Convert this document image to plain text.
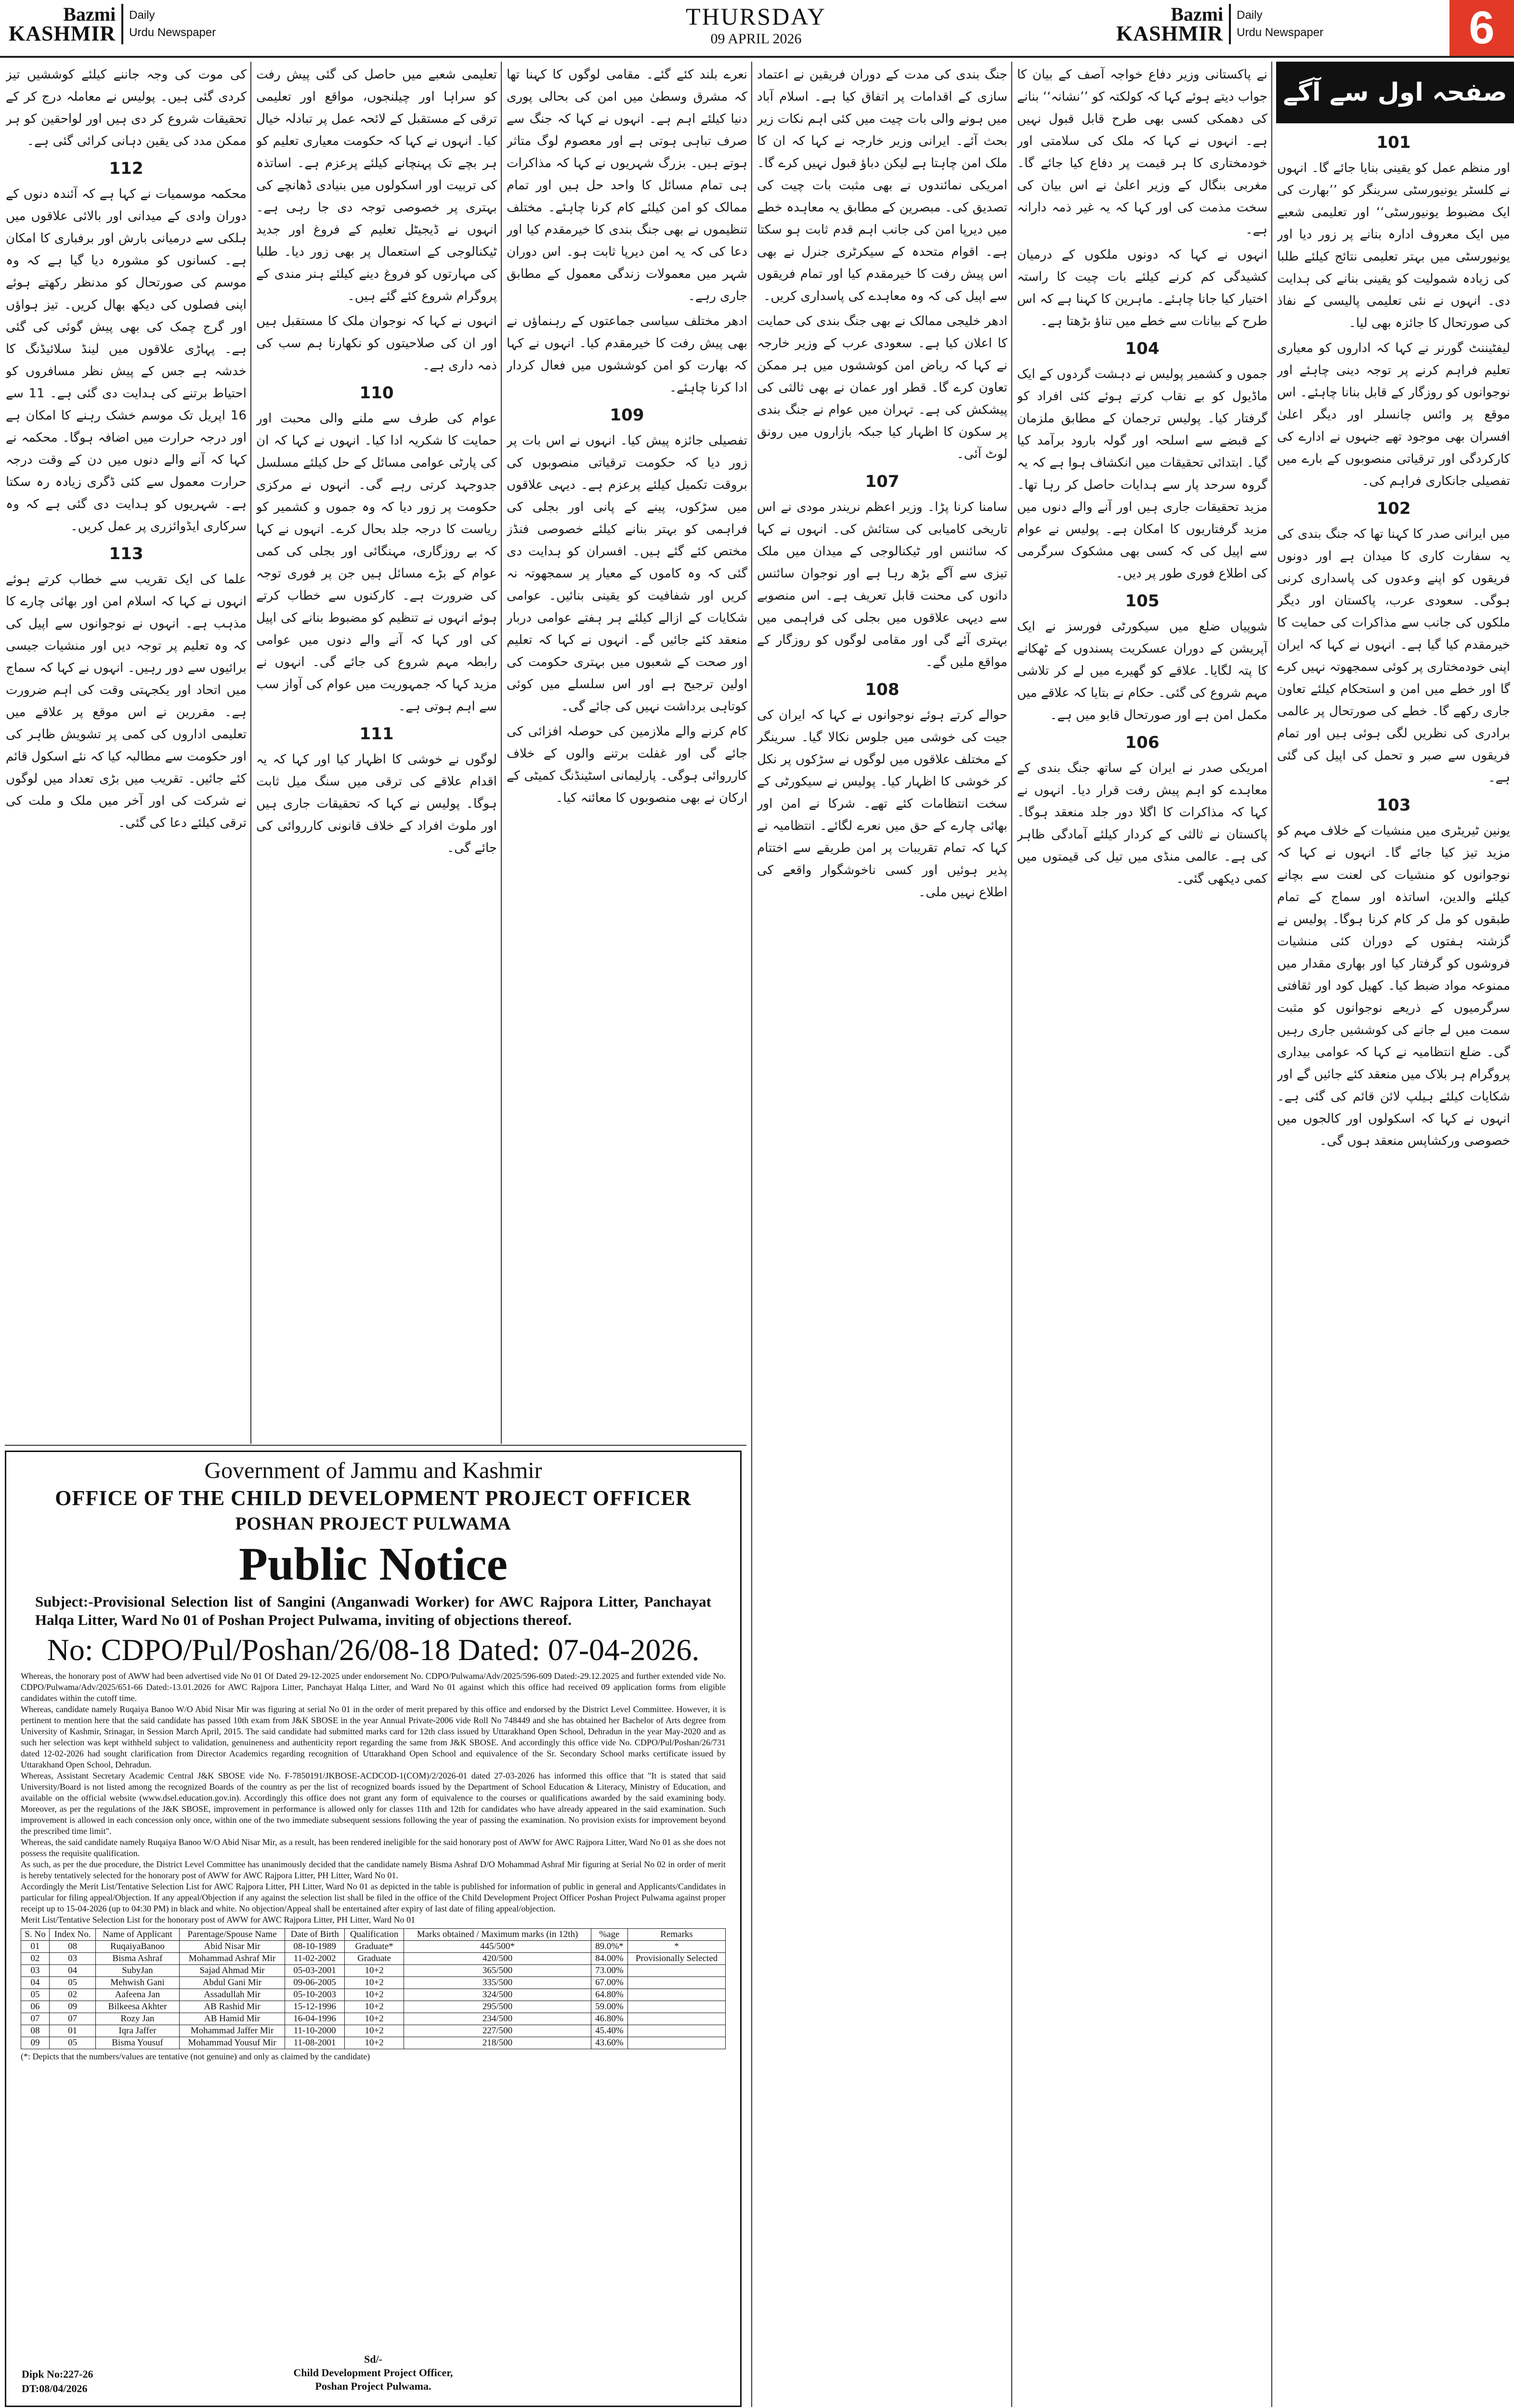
Bazmi
KASHMIR
Daily
Urdu Newspaper
THURSDAY
09 APRIL 2026
Bazmi
KASHMIR
Daily
Urdu Newspaper	6
صفحہ اول سے آگے

101

اور منظم عمل کو یقینی بنایا جائے گا۔ انہوں نے کلسٹر یونیورسٹی سرینگر کو ’’بھارت کی ایک مضبوط یونیورسٹی‘‘ اور تعلیمی شعبے میں ایک معروف ادارہ بنانے پر زور دیا اور یونیورسٹی میں بہتر تعلیمی نتائج کیلئے طلبا کی زیادہ شمولیت کو یقینی بنانے کی ہدایت دی۔ انہوں نے نئی تعلیمی پالیسی کے نفاذ کی صورتحال کا جائزہ بھی لیا۔

لیفٹیننٹ گورنر نے کہا کہ اداروں کو معیاری تعلیم فراہم کرنے پر توجہ دینی چاہئے اور نوجوانوں کو روزگار کے قابل بنانا چاہئے۔ اس موقع پر وائس چانسلر اور دیگر اعلیٰ افسران بھی موجود تھے جنہوں نے ادارے کی کارکردگی اور ترقیاتی منصوبوں کے بارے میں تفصیلی جانکاری فراہم کی۔

102

میں ایرانی صدر کا کہنا تھا کہ جنگ بندی کی یہ سفارت کاری کا میدان ہے اور دونوں فریقوں کو اپنے وعدوں کی پاسداری کرنی ہوگی۔ سعودی عرب، پاکستان اور دیگر ملکوں کی جانب سے مذاکرات کی حمایت کا خیرمقدم کیا گیا ہے۔ انہوں نے کہا کہ ایران اپنی خودمختاری پر کوئی سمجھوتہ نہیں کرے گا اور خطے میں امن و استحکام کیلئے تعاون جاری رکھے گا۔ خطے کی صورتحال پر عالمی برادری کی نظریں لگی ہوئی ہیں اور تمام فریقوں سے صبر و تحمل کی اپیل کی گئی ہے۔

103

یونین ٹیریٹری میں منشیات کے خلاف مہم کو مزید تیز کیا جائے گا۔ انہوں نے کہا کہ نوجوانوں کو منشیات کی لعنت سے بچانے کیلئے والدین، اساتذہ اور سماج کے تمام طبقوں کو مل کر کام کرنا ہوگا۔ پولیس نے گزشتہ ہفتوں کے دوران کئی منشیات فروشوں کو گرفتار کیا اور بھاری مقدار میں ممنوعہ مواد ضبط کیا۔ کھیل کود اور ثقافتی سرگرمیوں کے ذریعے نوجوانوں کو مثبت سمت میں لے جانے کی کوششیں جاری رہیں گی۔ ضلع انتظامیہ نے کہا کہ عوامی بیداری پروگرام ہر بلاک میں منعقد کئے جائیں گے اور شکایات کیلئے ہیلپ لائن قائم کی گئی ہے۔ انہوں نے کہا کہ اسکولوں اور کالجوں میں خصوصی ورکشاپس منعقد ہوں گی۔

نے پاکستانی وزیر دفاع خواجہ آصف کے بیان کا جواب دیتے ہوئے کہا کہ کولکتہ کو ’’نشانہ‘‘ بنانے کی دھمکی کسی بھی طرح قابل قبول نہیں ہے۔ انہوں نے کہا کہ ملک کی سلامتی اور خودمختاری کا ہر قیمت پر دفاع کیا جائے گا۔ مغربی بنگال کے وزیر اعلیٰ نے اس بیان کی سخت مذمت کی اور کہا کہ یہ غیر ذمہ دارانہ ہے۔

انہوں نے کہا کہ دونوں ملکوں کے درمیان کشیدگی کم کرنے کیلئے بات چیت کا راستہ اختیار کیا جانا چاہئے۔ ماہرین کا کہنا ہے کہ اس طرح کے بیانات سے خطے میں تناؤ بڑھتا ہے۔

104

جموں و کشمیر پولیس نے دہشت گردوں کے ایک ماڈیول کو بے نقاب کرتے ہوئے کئی افراد کو گرفتار کیا۔ پولیس ترجمان کے مطابق ملزمان کے قبضے سے اسلحہ اور گولہ بارود برآمد کیا گیا۔ ابتدائی تحقیقات میں انکشاف ہوا ہے کہ یہ گروہ سرحد پار سے ہدایات حاصل کر رہا تھا۔ مزید تحقیقات جاری ہیں اور آنے والے دنوں میں مزید گرفتاریوں کا امکان ہے۔ پولیس نے عوام سے اپیل کی کہ کسی بھی مشکوک سرگرمی کی اطلاع فوری طور پر دیں۔

105

شوپیاں ضلع میں سیکورٹی فورسز نے ایک آپریشن کے دوران عسکریت پسندوں کے ٹھکانے کا پتہ لگایا۔ علاقے کو گھیرے میں لے کر تلاشی مہم شروع کی گئی۔ حکام نے بتایا کہ علاقے میں مکمل امن ہے اور صورتحال قابو میں ہے۔

106

امریکی صدر نے ایران کے ساتھ جنگ بندی کے معاہدے کو اہم پیش رفت قرار دیا۔ انہوں نے کہا کہ مذاکرات کا اگلا دور جلد منعقد ہوگا۔ پاکستان نے ثالثی کے کردار کیلئے آمادگی ظاہر کی ہے۔ عالمی منڈی میں تیل کی قیمتوں میں کمی دیکھی گئی۔

جنگ بندی کی مدت کے دوران فریقین نے اعتماد سازی کے اقدامات پر اتفاق کیا ہے۔ اسلام آباد میں ہونے والی بات چیت میں کئی اہم نکات زیر بحث آئے۔ ایرانی وزیر خارجہ نے کہا کہ ان کا ملک امن چاہتا ہے لیکن دباؤ قبول نہیں کرے گا۔ امریکی نمائندوں نے بھی مثبت بات چیت کی تصدیق کی۔ مبصرین کے مطابق یہ معاہدہ خطے میں دیرپا امن کی جانب اہم قدم ثابت ہو سکتا ہے۔ اقوام متحدہ کے سیکرٹری جنرل نے بھی اس پیش رفت کا خیرمقدم کیا اور تمام فریقوں سے اپیل کی کہ وہ معاہدے کی پاسداری کریں۔

ادھر خلیجی ممالک نے بھی جنگ بندی کی حمایت کا اعلان کیا ہے۔ سعودی عرب کے وزیر خارجہ نے کہا کہ ریاض امن کوششوں میں ہر ممکن تعاون کرے گا۔ قطر اور عمان نے بھی ثالثی کی پیشکش کی ہے۔ تہران میں عوام نے جنگ بندی پر سکون کا اظہار کیا جبکہ بازاروں میں رونق لوٹ آئی۔

107

سامنا کرنا پڑا۔ وزیر اعظم نریندر مودی نے اس تاریخی کامیابی کی ستائش کی۔ انہوں نے کہا کہ سائنس اور ٹیکنالوجی کے میدان میں ملک تیزی سے آگے بڑھ رہا ہے اور نوجوان سائنس دانوں کی محنت قابل تعریف ہے۔ اس منصوبے سے دیہی علاقوں میں بجلی کی فراہمی میں بہتری آئے گی اور مقامی لوگوں کو روزگار کے مواقع ملیں گے۔

108

حوالے کرتے ہوئے نوجوانوں نے کہا کہ ایران کی جیت کی خوشی میں جلوس نکالا گیا۔ سرینگر کے مختلف علاقوں میں لوگوں نے سڑکوں پر نکل کر خوشی کا اظہار کیا۔ پولیس نے سیکورٹی کے سخت انتظامات کئے تھے۔ شرکا نے امن اور بھائی چارے کے حق میں نعرے لگائے۔ انتظامیہ نے کہا کہ تمام تقریبات پر امن طریقے سے اختتام پذیر ہوئیں اور کسی ناخوشگوار واقعے کی اطلاع نہیں ملی۔

نعرے بلند کئے گئے۔ مقامی لوگوں کا کہنا تھا کہ مشرق وسطیٰ میں امن کی بحالی پوری دنیا کیلئے اہم ہے۔ انہوں نے کہا کہ جنگ سے صرف تباہی ہوتی ہے اور معصوم لوگ متاثر ہوتے ہیں۔ بزرگ شہریوں نے کہا کہ مذاکرات ہی تمام مسائل کا واحد حل ہیں اور تمام ممالک کو امن کیلئے کام کرنا چاہئے۔ مختلف تنظیموں نے بھی جنگ بندی کا خیرمقدم کیا اور دعا کی کہ یہ امن دیرپا ثابت ہو۔ اس دوران شہر میں معمولات زندگی معمول کے مطابق جاری رہے۔

ادھر مختلف سیاسی جماعتوں کے رہنماؤں نے بھی پیش رفت کا خیرمقدم کیا۔ انہوں نے کہا کہ بھارت کو امن کوششوں میں فعال کردار ادا کرنا چاہئے۔

109

تفصیلی جائزہ پیش کیا۔ انہوں نے اس بات پر زور دیا کہ حکومت ترقیاتی منصوبوں کی بروقت تکمیل کیلئے پرعزم ہے۔ دیہی علاقوں میں سڑکوں، پینے کے پانی اور بجلی کی فراہمی کو بہتر بنانے کیلئے خصوصی فنڈز مختص کئے گئے ہیں۔ افسران کو ہدایت دی گئی کہ وہ کاموں کے معیار پر سمجھوتہ نہ کریں اور شفافیت کو یقینی بنائیں۔ عوامی شکایات کے ازالے کیلئے ہر ہفتے عوامی دربار منعقد کئے جائیں گے۔ انہوں نے کہا کہ تعلیم اور صحت کے شعبوں میں بہتری حکومت کی اولین ترجیح ہے اور اس سلسلے میں کوئی کوتاہی برداشت نہیں کی جائے گی۔

کام کرنے والے ملازمین کی حوصلہ افزائی کی جائے گی اور غفلت برتنے والوں کے خلاف کارروائی ہوگی۔ پارلیمانی اسٹینڈنگ کمیٹی کے ارکان نے بھی منصوبوں کا معائنہ کیا۔

تعلیمی شعبے میں حاصل کی گئی پیش رفت کو سراہا اور چیلنجوں، مواقع اور تعلیمی ترقی کے مستقبل کے لائحہ عمل پر تبادلہ خیال کیا۔ انہوں نے کہا کہ حکومت معیاری تعلیم کو ہر بچے تک پہنچانے کیلئے پرعزم ہے۔ اساتذہ کی تربیت اور اسکولوں میں بنیادی ڈھانچے کی بہتری پر خصوصی توجہ دی جا رہی ہے۔ انہوں نے ڈیجیٹل تعلیم کے فروغ اور جدید ٹیکنالوجی کے استعمال پر بھی زور دیا۔ طلبا کی مہارتوں کو فروغ دینے کیلئے ہنر مندی کے پروگرام شروع کئے گئے ہیں۔

انہوں نے کہا کہ نوجوان ملک کا مستقبل ہیں اور ان کی صلاحیتوں کو نکھارنا ہم سب کی ذمہ داری ہے۔

110

عوام کی طرف سے ملنے والی محبت اور حمایت کا شکریہ ادا کیا۔ انہوں نے کہا کہ ان کی پارٹی عوامی مسائل کے حل کیلئے مسلسل جدوجہد کرتی رہے گی۔ انہوں نے مرکزی حکومت پر زور دیا کہ وہ جموں و کشمیر کو ریاست کا درجہ جلد بحال کرے۔ انہوں نے کہا کہ بے روزگاری، مہنگائی اور بجلی کی کمی عوام کے بڑے مسائل ہیں جن پر فوری توجہ کی ضرورت ہے۔ کارکنوں سے خطاب کرتے ہوئے انہوں نے تنظیم کو مضبوط بنانے کی اپیل کی اور کہا کہ آنے والے دنوں میں عوامی رابطہ مہم شروع کی جائے گی۔ انہوں نے مزید کہا کہ جمہوریت میں عوام کی آواز سب سے اہم ہوتی ہے۔

111

لوگوں نے خوشی کا اظہار کیا اور کہا کہ یہ اقدام علاقے کی ترقی میں سنگ میل ثابت ہوگا۔ پولیس نے کہا کہ تحقیقات جاری ہیں اور ملوث افراد کے خلاف قانونی کارروائی کی جائے گی۔

کی موت کی وجہ جاننے کیلئے کوششیں تیز کردی گئی ہیں۔ پولیس نے معاملہ درج کر کے تحقیقات شروع کر دی ہیں اور لواحقین کو ہر ممکن مدد کی یقین دہانی کرائی گئی ہے۔

112

محکمہ موسمیات نے کہا ہے کہ آئندہ دنوں کے دوران وادی کے میدانی اور بالائی علاقوں میں ہلکی سے درمیانی بارش اور برفباری کا امکان ہے۔ کسانوں کو مشورہ دیا گیا ہے کہ وہ موسم کی صورتحال کو مدنظر رکھتے ہوئے اپنی فصلوں کی دیکھ بھال کریں۔ تیز ہواؤں اور گرج چمک کی بھی پیش گوئی کی گئی ہے۔ پہاڑی علاقوں میں لینڈ سلائیڈنگ کا خدشہ ہے جس کے پیش نظر مسافروں کو احتیاط برتنے کی ہدایت دی گئی ہے۔ 11 سے 16 اپریل تک موسم خشک رہنے کا امکان ہے اور درجہ حرارت میں اضافہ ہوگا۔ محکمہ نے کہا کہ آنے والے دنوں میں دن کے وقت درجہ حرارت معمول سے کئی ڈگری زیادہ رہ سکتا ہے۔ شہریوں کو ہدایت دی گئی ہے کہ وہ سرکاری ایڈوائزری پر عمل کریں۔

113

علما کی ایک تقریب سے خطاب کرتے ہوئے انہوں نے کہا کہ اسلام امن اور بھائی چارے کا مذہب ہے۔ انہوں نے نوجوانوں سے اپیل کی کہ وہ تعلیم پر توجہ دیں اور منشیات جیسی برائیوں سے دور رہیں۔ انہوں نے کہا کہ سماج میں اتحاد اور یکجہتی وقت کی اہم ضرورت ہے۔ مقررین نے اس موقع پر علاقے میں تعلیمی اداروں کی کمی پر تشویش ظاہر کی اور حکومت سے مطالبہ کیا کہ نئے اسکول قائم کئے جائیں۔ تقریب میں بڑی تعداد میں لوگوں نے شرکت کی اور آخر میں ملک و ملت کی ترقی کیلئے دعا کی گئی۔

Government of Jammu and Kashmir
OFFICE OF THE CHILD DEVELOPMENT PROJECT OFFICER
POSHAN PROJECT PULWAMA
Public Notice
Subject:-Provisional Selection list of Sangini (Anganwadi Worker) for AWC Rajpora Litter, Panchayat Halqa Litter, Ward No 01 of Poshan Project Pulwama, inviting of objections thereof.
No: CDPO/Pul/Poshan/26/08-18 Dated: 07-04-2026.

Whereas, the honorary post of AWW had been advertised vide No 01 Of Dated 29-12-2025 under endorsement No. CDPO/Pulwama/Adv/2025/596-609 Dated:-29.12.2025 and further extended vide No. CDPO/Pulwama/Adv/2025/651-66 Dated:-13.01.2026 for AWC Rajpora Litter, Panchayat Halqa Litter, and Ward No 01 against which this office had received 09 application forms from eligible candidates within the cutoff time.

Whereas, candidate namely Ruqaiya Banoo W/O Abid Nisar Mir was figuring at serial No 01 in the order of merit prepared by this office and endorsed by the District Level Committee. However, it is pertinent to mention here that the said candidate has passed 10th exam from J&K SBOSE in the year Annual Private-2006 vide Roll No 748449 and she has obtained her Bachelor of Arts degree from University of Kashmir, Srinagar, in Session March April, 2015. The said candidate had submitted marks card for 12th class issued by Uttarakhand Open School, Dehradun in the year May-2020 and as such her selection was kept withheld subject to validation, genuineness and authenticity report regarding the same from J&K SBOSE. And accordingly this office vide No. CDPO/Pul/Poshan/26/731 dated 12-02-2026 had sought clarification from Director Academics regarding recognition of Uttarakhand Open School and equivalence of the Sr. Secondary School marks certificate issued by Uttarakhand Open School, Dehradun.

Whereas, Assistant Secretary Academic Central J&K SBOSE vide No. F-7850191/JKBOSE-ACDCOD-1(COM)/2/2026-01 dated 27-03-2026 has informed this office that "It is stated that said University/Board is not listed among the recognized Boards of the country as per the list of recognized boards issued by the Department of School Education & Literacy, Ministry of Education, and available on the official website (www.dsel.education.gov.in). Accordingly this office does not grant any form of equivalence to the courses or qualifications awarded by the said examining body. Moreover, as per the regulations of the J&K SBOSE, improvement in performance is allowed only for classes 11th and 12th for candidates who have already appeared in the said examination. Such improvement is allowed in each concession only once, within one of the two immediate subsequent sessions following the year of passing the examination. No provision exists for improvement beyond the prescribed time limit".

Whereas, the said candidate namely Ruqaiya Banoo W/O Abid Nisar Mir, as a result, has been rendered ineligible for the said honorary post of AWW for AWC Rajpora Litter, Ward No 01 as she does not possess the requisite qualification.

As such, as per the due procedure, the District Level Committee has unanimously decided that the candidate namely Bisma Ashraf D/O Mohammad Ashraf Mir figuring at Serial No 02 in order of merit is hereby tentatively selected for the honorary post of AWW for AWC Rajpora Litter, PH Litter, Ward No 01.

Accordingly the Merit List/Tentative Selection List for AWC Rajpora Litter, PH Litter, Ward No 01 as depicted in the table is published for information of public in general and Applicants/Candidates in particular for filing appeal/Objection. If any appeal/Objection if any against the selection list shall be filed in the office of the Child Development Project Officer Poshan Project Pulwama against proper receipt up to 15-04-2026 (up to 04:30 PM) in black and white. No objection/Appeal shall be entertained after expiry of last date of filing appeal/objection.

Merit List/Tentative Selection List for the honorary post of AWW for AWC Rajpora Litter, PH Litter, Ward No 01

S. No	Index No.	Name of Applicant	Parentage/Spouse Name	Date of Birth	Qualification	Marks obtained / Maximum marks (in 12th)	%age	Remarks
01	08	RuqaiyaBanoo	Abid Nisar Mir	08-10-1989	Graduate*	445/500*	89.0%*	*
02	03	Bisma Ashraf	Mohammad Ashraf Mir	11-02-2002	Graduate	420/500	84.00%	Provisionally Selected
03	04	SubyJan	Sajad Ahmad Mir	05-03-2001	10+2	365/500	73.00%	
04	05	Mehwish Gani	Abdul Gani Mir	09-06-2005	10+2	335/500	67.00%	
05	02	Aafeena Jan	Assadullah Mir	05-10-2003	10+2	324/500	64.80%	
06	09	Bilkeesa Akhter	AB Rashid Mir	15-12-1996	10+2	295/500	59.00%	
07	07	Rozy Jan	AB Hamid Mir	16-04-1996	10+2	234/500	46.80%	
08	01	Iqra Jaffer	Mohammad Jaffer Mir	11-10-2000	10+2	227/500	45.40%	
09	05	Bisma Yousuf	Mohammad Yousuf Mir	11-08-2001	10+2	218/500	43.60%	
(*: Depicts that the numbers/values are tentative (not genuine) and only as claimed by the candidate)
Sd/-
Child Development Project Officer,
Poshan Project Pulwama.
Dipk No:227-26
DT:08/04/2026
